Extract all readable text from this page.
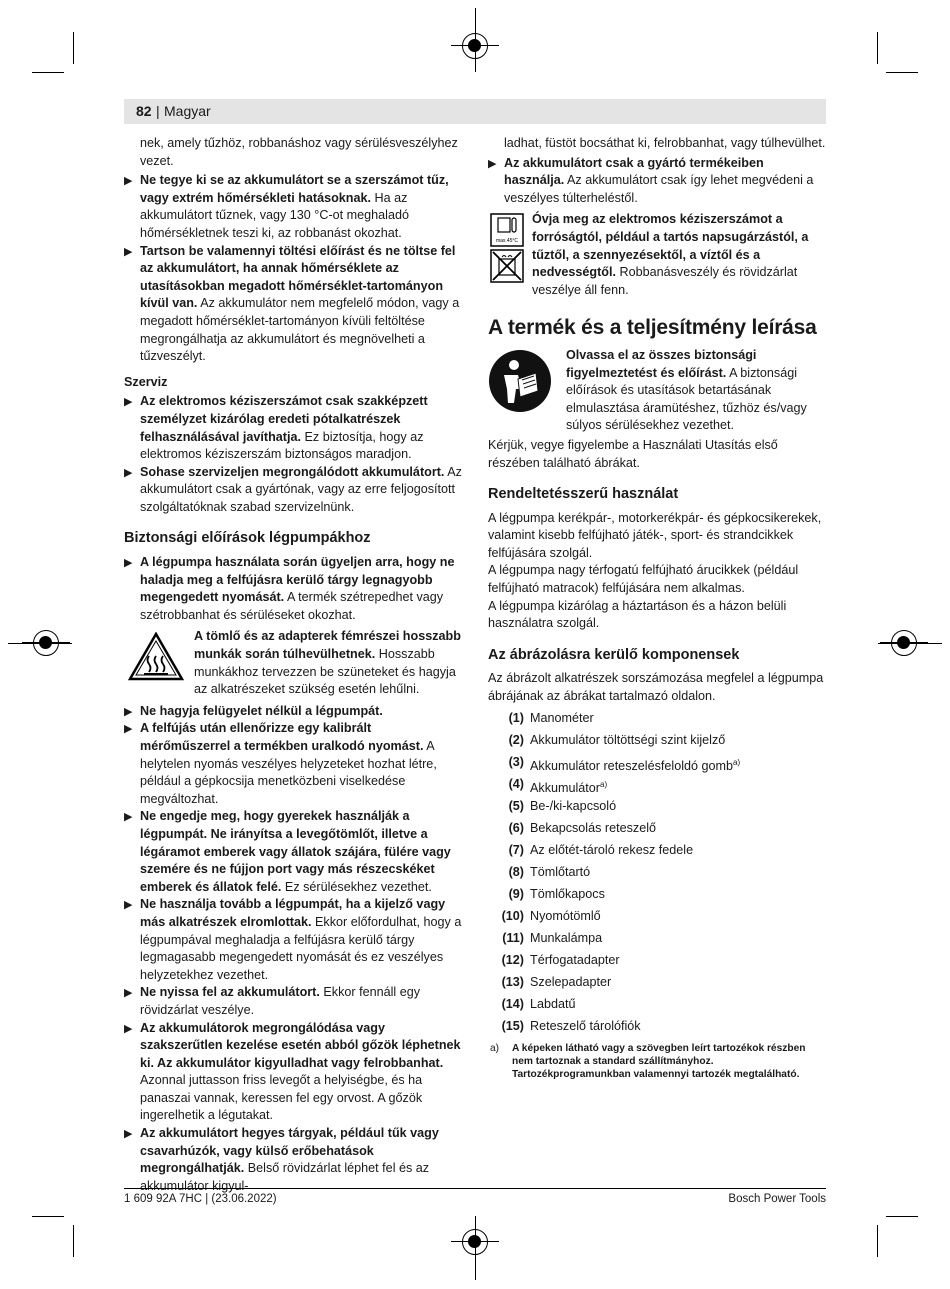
82 | Magyar

nek, amely tűzhöz, robbanáshoz vagy sérülésveszélyhez vezet.

▶ Ne tegye ki se az akkumulátort se a szerszámot tűz, vagy extrém hőmérsékleti hatásoknak. Ha az akkumulátort tűznek, vagy 130 °C-ot meghaladó hőmérsékletnek teszi ki, az robbanást okozhat.

▶ Tartson be valamennyi töltési előírást és ne töltse fel az akkumulátort, ha annak hőmérséklete az utasításokban megadott hőmérséklet-tartományon kívül van. Az akkumulátor nem megfelelő módon, vagy a megadott hőmérséklet-tartományon kívüli feltöltése megrongálhatja az akkumulátort és megnövelheti a tűzveszélyt.

Szerviz

▶ Az elektromos kéziszerszámot csak szakképzett személyzet kizárólag eredeti pótalkatrészek felhasználásával javíthatja. Ez biztosítja, hogy az elektromos kéziszerszám biztonságos maradjon.

▶ Sohase szervizeljen megrongálódott akkumulátort. Az akkumulátort csak a gyártónak, vagy az erre feljogosított szolgáltatóknak szabad szervizelnünk.

Biztonsági előírások légpumpákhoz

▶ A légpumpa használata során ügyeljen arra, hogy ne haladja meg a felfújásra kerülő tárgy legnagyobb megengedett nyomását. A termék szétrepedhet vagy szétrobbanhat és sérüléseket okozhat.

A tömlő és az adapterek fémrészei hosszabb munkák során túlhevülhetnek. Hosszabb munkákhoz tervezzen be szüneteket és hagyja az alkatrészeket szükség esetén lehűlni.

▶ Ne hagyja felügyelet nélkül a légpumpát.

▶ A felfújás után ellenőrizze egy kalibrált mérőműszerrel a termékben uralkodó nyomást. A helytelen nyomás veszélyes helyzeteket hozhat létre, például a gépkocsija menetközbeni viselkedése megváltozhat.

▶ Ne engedje meg, hogy gyerekek használják a légpumpát. Ne irányítsa a levegőtömlőt, illetve a légáramot emberek vagy állatok szájára, fülére vagy szemére és ne fújjon port vagy más részecskéket emberek és állatok felé. Ez sérülésekhez vezethet.

▶ Ne használja tovább a légpumpát, ha a kijelző vagy más alkatrészek elromlottak. Ekkor előfordulhat, hogy a légpumpával meghaladja a felfújásra kerülő tárgy legmagasabb megengedett nyomását és ez veszélyes helyzetekhez vezethet.

▶ Ne nyissa fel az akkumulátort. Ekkor fennáll egy rövidzárlat veszélye.

▶ Az akkumulátorok megrongálódása vagy szakszerűtlen kezelése esetén abból gőzök léphetnek ki. Az akkumulátor kigyulladhat vagy felrobbanhat. Azonnal juttasson friss levegőt a helyiségbe, és ha panaszai vannak, keressen fel egy orvost. A gőzök ingerelhetik a légutakat.

▶ Az akkumulátort hegyes tárgyak, például tűk vagy csavarhúzók, vagy külső erőbehatások megrongálhatják. Belső rövidzárlat léphet fel és az akkumulátor kigyul-

ladhat, füstöt bocsáthat ki, felrobbanhat, vagy túlhevülhet.

▶ Az akkumulátort csak a gyártó termékeiben használja. Az akkumulátort csak így lehet megvédeni a veszélyes túlterheléstől.

max.45°C
Óvja meg az elektromos kéziszerszámot a forróságtól, például a tartós napsugárzástól, a tűztől, a szennyezésektől, a víztől és a nedvességtől. Robbanásveszély és rövidzárlat veszélye áll fenn.
A termék és a teljesítmény leírása
Olvassa el az összes biztonsági figyelmeztetést és előírást. A biztonsági előírások és utasítások betartásának elmulasztása áramütéshez, tűzhöz és/vagy súlyos sérülésekhez vezethet.

Kérjük, vegye figyelembe a Használati Utasítás első részében található ábrákat.

Rendeltetésszerű használat

A légpumpa kerékpár-, motorkerékpár- és gépkocsikerekek, valamint kisebb felfújható játék-, sport- és strandcikkek felfújására szolgál.

A légpumpa nagy térfogatú felfújható árucikkek (például felfújható matracok) felfújására nem alkalmas.

A légpumpa kizárólag a háztartáson és a házon belüli használatra szolgál.

Az ábrázolásra kerülő komponensek

Az ábrázolt alkatrészek sorszámozása megfelel a légpumpa ábrájának az ábrákat tartalmazó oldalon.

(1) Manométer
(2) Akkumulátor töltöttségi szint kijelző
(3) Akkumulátor reteszelésfeloldó gomb$^{a)}$
(4) Akkumulátor$^{a)}$
(5) Be-/ki-kapcsoló
(6) Bekapcsolás reteszelő
(7) Az előtét-tároló rekesz fedele
(8) Tömlőtartó
(9) Tömlőkapocs
(10) Nyomótömlő
(11) Munkalámpa
(12) Térfogatadapter
(13) Szelepadapter
(14) Labdatű
(15) Reteszelő tárolófiók
a) A képeken látható vagy a szövegben leírt tartozékok részben nem tartoznak a standard szállítmányhoz. Tartozékprogramunkban valamennyi tartozék megtalálható.
1 609 92A 7HC | (23.06.2022)	Bosch Power Tools
